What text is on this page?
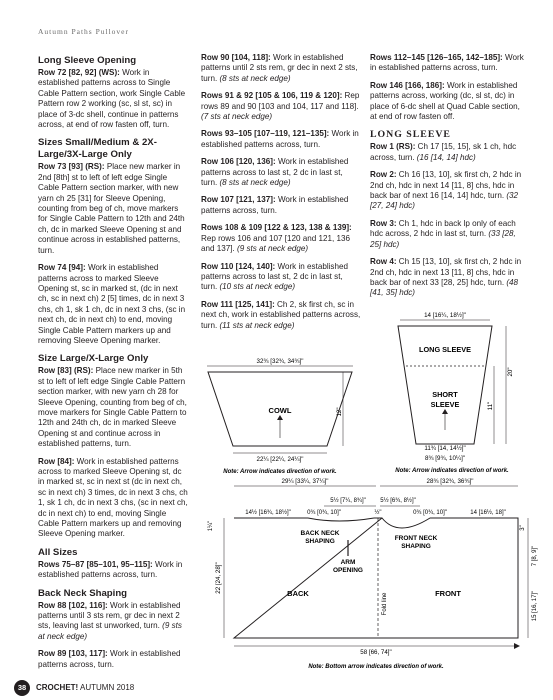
Autumn Paths Pullover
Long Sleeve Opening

Row 72 [82, 92] (WS): Work in established patterns across to Single Cable Pattern section, work Single Cable Pattern row 2 working (sc, sl st, sc) in place of 3-dc shell, continue in patterns across, at end of row fasten off, turn.

Sizes Small/Medium & 2X-Large/3X-Large Only

Row 73 [93] (RS): Place new marker in 2nd [8th] st to left of left edge Single Cable Pattern section marker, with new yarn ch 25 [31] for Sleeve Opening, counting from beg of ch, move markers for Single Cable Pattern to 12th and 24th ch, dc in marked Sleeve Opening st and continue across in established patterns, turn.

Row 74 [94]: Work in established patterns across to marked Sleeve Opening st, sc in marked st, (dc in next ch, sc in next ch) 2 [5] times, dc in next 3 chs, ch 1, sk 1 ch, dc in next 3 chs, (sc in next ch, dc in next ch) to end, moving Single Cable Pattern markers up and removing Sleeve Opening marker.

Size Large/X-Large Only

Row [83] (RS): Place new marker in 5th st to left of left edge Single Cable Pattern section marker, with new yarn ch 28 for Sleeve Opening, counting from beg of ch, move markers for Single Cable Pattern to 12th and 24th ch, dc in marked Sleeve Opening st and continue across in established patterns, turn.

Row [84]: Work in established patterns across to marked Sleeve Opening st, dc in marked st, sc in next st (dc in next ch, sc in next ch) 3 times, dc in next 3 chs, ch 1, sk 1 ch, dc in next 3 chs, (sc in next ch, dc in next ch) to end, moving Single Cable Pattern markers up and removing Sleeve Opening marker.

All Sizes

Rows 75–87 [85–101, 95–115]: Work in established patterns across, turn.

Back Neck Shaping

Row 88 [102, 116]: Work in established patterns until 3 sts rem, gr dec in next 2 sts, leaving last st unworked, turn. (9 sts at neck edge)

Row 89 [103, 117]: Work in established patterns across, turn.

Row 90 [104, 118]: Work in established patterns until 2 sts rem, gr dec in next 2 sts, turn. (8 sts at neck edge)

Rows 91 & 92 [105 & 106, 119 & 120]: Rep rows 89 and 90 [103 and 104, 117 and 118]. (7 sts at neck edge)

Rows 93–105 [107–119, 121–135]: Work in established patterns across, turn.

Row 106 [120, 136]: Work in established patterns across to last st, 2 dc in last st, turn. (8 sts at neck edge)

Row 107 [121, 137]: Work in established patterns across, turn.

Rows 108 & 109 [122 & 123, 138 & 139]: Rep rows 106 and 107 [120 and 121, 136 and 137]. (9 sts at neck edge)

Row 110 [124, 140]: Work in established patterns across to last st, 2 dc in last st, turn. (10 sts at neck edge)

Row 111 [125, 141]: Ch 2, sk first ch, sc in next ch, work in established patterns across, turn. (11 sts at neck edge)

Rows 112–145 [126–165, 142–185]: Work in established patterns across, turn.

Row 146 [166, 186]: Work in established patterns across, working (dc, sl st, dc) in place of 6-dc shell at Quad Cable section, at end of row fasten off.

LONG SLEEVE

Row 1 (RS): Ch 17 [15, 15], sk 1 ch, hdc across, turn. (16 [14, 14] hdc)

Row 2: Ch 16 [13, 10], sk first ch, 2 hdc in 2nd ch, hdc in next 14 [11, 8] chs, hdc in back bar of next 16 [14, 14] hdc, turn. (32 [27, 24] hdc)

Row 3: Ch 1, hdc in back lp only of each hdc across, 2 hdc in last st, turn. (33 [28, 25] hdc)

Row 4: Ch 15 [13, 10], sk first ch, 2 hdc in 2nd ch, hdc in next 13 [11, 8] chs, hdc in back bar of next 33 [28, 25] hdc, turn. (48 [41, 35] hdc)

32¾ [32¾, 34¾]"
COWL	12"
22¼ [22¼, 24¼]"
Note: Arrow indicates direction of work.
14 [16¼, 18½]"
LONG SLEEVE
SHORT
SLEEVE
20"
11"
11¾ [14, 14½]"
8¾ [9¾, 10¼]"
Note: Arrow indicates direction of work.
29¼ [33¼, 37¼]"	28¾ [32¾, 36¾]"
5½ [7¼, 8¾]" 5½ [6¾, 8½]"
14½ [16¾, 18½]"	0¾ [0¾, 10]"	½"	0¾ [0¾, 10]"	14 [16½, 18]"
BACK NECK
SHAPING	FRONT NECK
SHAPING
ARM
OPENING
BACK	FRONT
Fold line
22 [24, 28]"
1¼"	3"
7 [8, 9]"
15 [16, 17]"
58 [66, 74]"
Note: Bottom arrow indicates direction of work.
38 CROCHET! AUTUMN 2018
